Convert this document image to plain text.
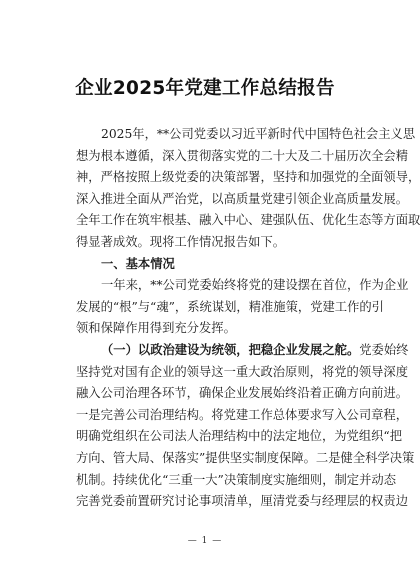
企业2025年党建工作总结报告
2025年，**公司党委以习近平新时代中国特色社会主义思
想为根本遵循，深入贯彻落实党的二十大及二十届历次全会精
神，严格按照上级党委的决策部署，坚持和加强党的全面领导，
深入推进全面从严治党，以高质量党建引领企业高质量发展。
全年工作在筑牢根基、融入中心、建强队伍、优化生态等方面取
得显著成效。现将工作情况报告如下。
一、基本情况
一年来，**公司党委始终将党的建设摆在首位，作为企业
发展的“根”与“魂”，系统谋划，精准施策，党建工作的引
领和保障作用得到充分发挥。
（一）以政治建设为统领，把稳企业发展之舵。党委始终
坚持党对国有企业的领导这一重大政治原则，将党的领导深度
融入公司治理各环节，确保企业发展始终沿着正确方向前进。
一是完善公司治理结构。将党建工作总体要求写入公司章程，
明确党组织在公司法人治理结构中的法定地位，为党组织“把
方向、管大局、保落实”提供坚实制度保障。二是健全科学决策
机制。持续优化“三重一大”决策制度实施细则，制定并动态
完善党委前置研究讨论事项清单，厘清党委与经理层的权责边
— 1 —
